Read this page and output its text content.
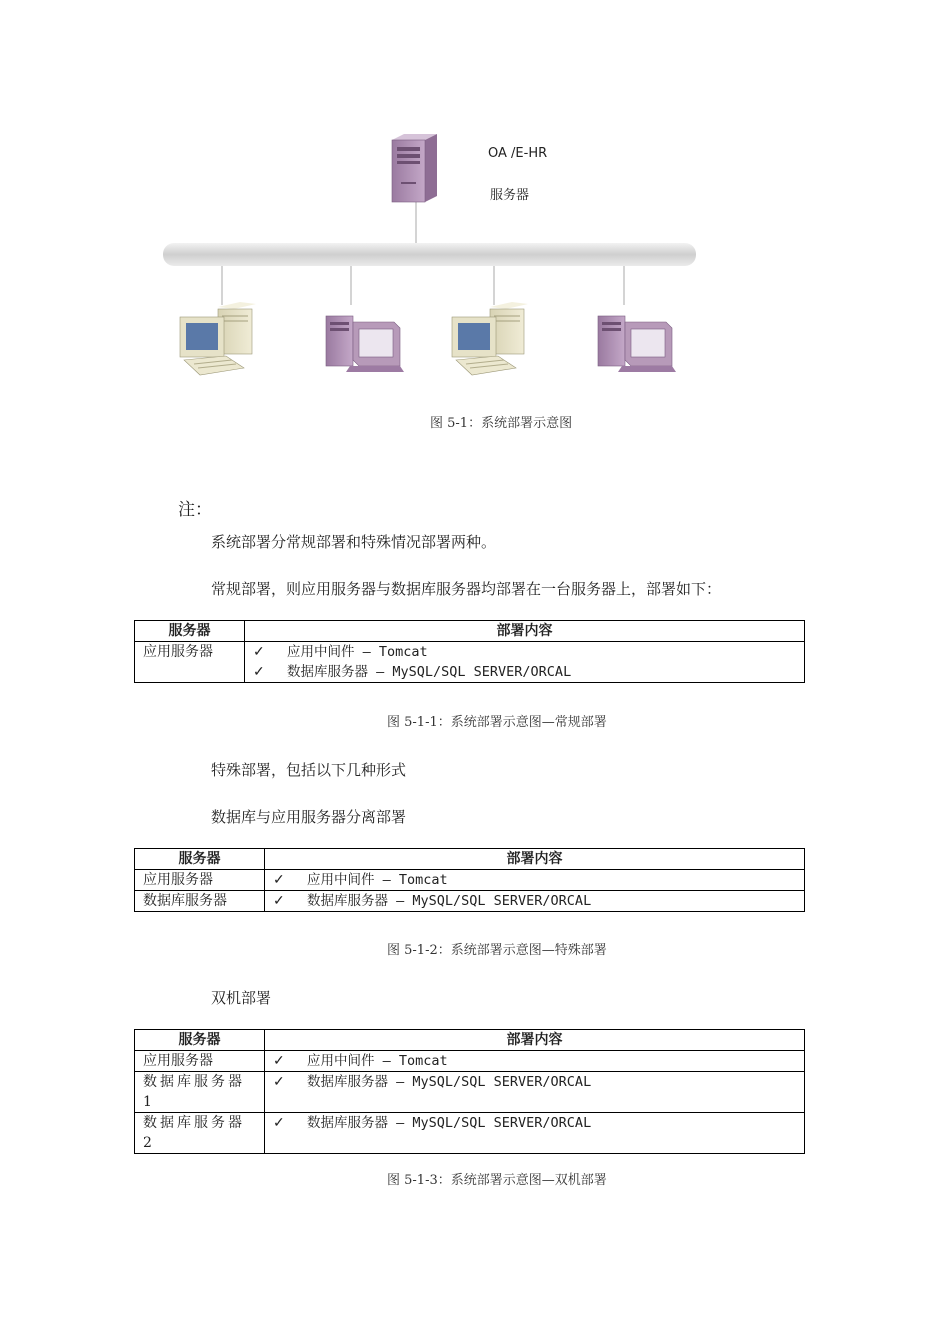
OA /E-HR
服务器
图 5-1：系统部署示意图
注：
系统部署分常规部署和特殊情况部署两种。
常规部署，则应用服务器与数据库服务器均部署在一台服务器上，部署如下：
服务器	部署内容
应用服务器	✓ 应用中间件 – Tomcat
✓ 数据库服务器 – MySQL/SQL SERVER/ORCAL
图 5-1-1：系统部署示意图—常规部署
特殊部署，包括以下几种形式
数据库与应用服务器分离部署
服务器	部署内容
应用服务器	✓ 应用中间件 – Tomcat

数据库服务器	✓ 数据库服务器 – MySQL/SQL SERVER/ORCAL
图 5-1-2：系统部署示意图—特殊部署
双机部署
服务器	部署内容
应用服务器	✓ 应用中间件 – Tomcat

数据库服务器 1	✓ 数据库服务器 – MySQL/SQL SERVER/ORCAL

数据库服务器 2	✓ 数据库服务器 – MySQL/SQL SERVER/ORCAL
图 5-1-3：系统部署示意图—双机部署
